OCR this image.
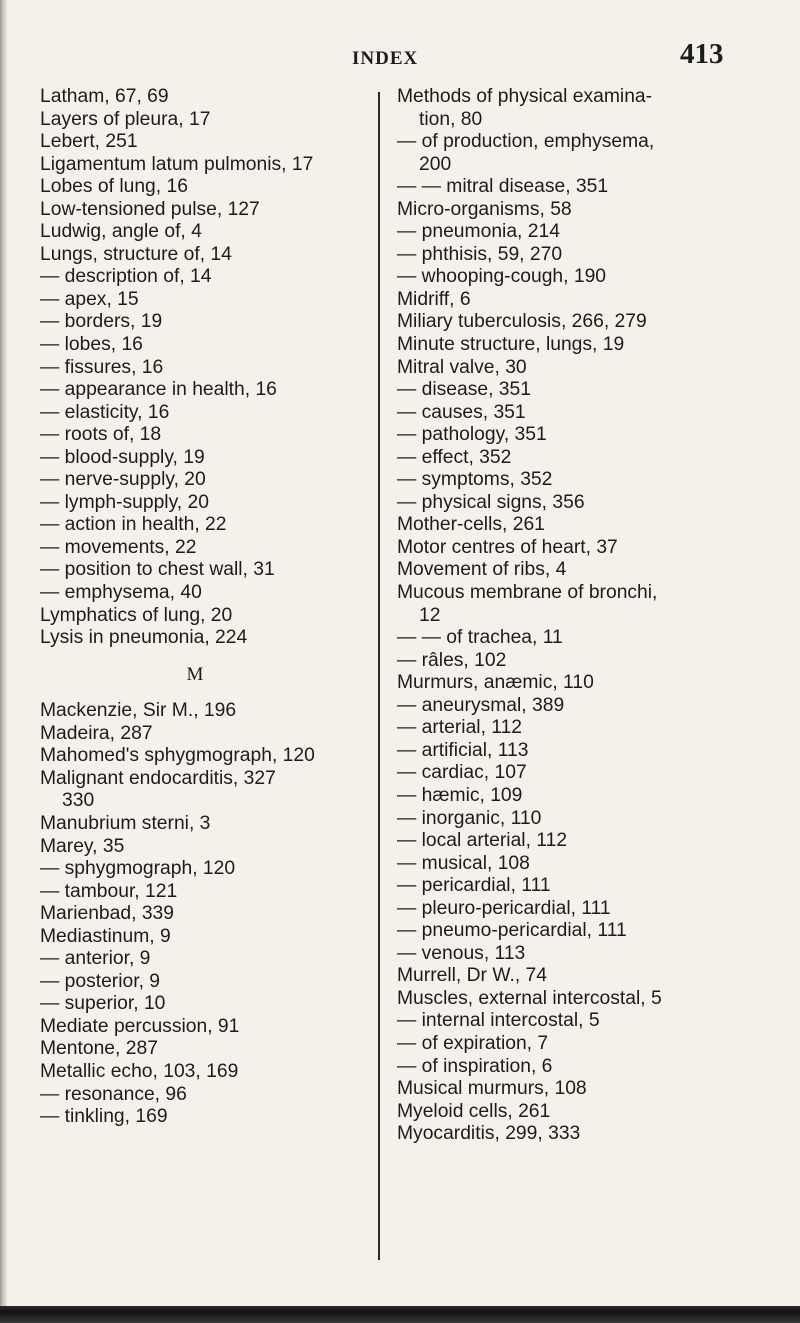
INDEX	413
Latham, 67, 69
Layers of pleura, 17
Lebert, 251
Ligamentum latum pulmonis, 17
Lobes of lung, 16
Low-tensioned pulse, 127
Ludwig, angle of, 4
Lungs, structure of, 14
— description of, 14
— apex, 15
— borders, 19
— lobes, 16
— fissures, 16
— appearance in health, 16
— elasticity, 16
— roots of, 18
— blood-supply, 19
— nerve-supply, 20
— lymph-supply, 20
— action in health, 22
— movements, 22
— position to chest wall, 31
— emphysema, 40
Lymphatics of lung, 20
Lysis in pneumonia, 224
M
Mackenzie, Sir M., 196
Madeira, 287
Mahomed's sphygmograph, 120
Malignant endocarditis, 327
330
Manubrium sterni, 3
Marey, 35
— sphygmograph, 120
— tambour, 121
Marienbad, 339
Mediastinum, 9
— anterior, 9
— posterior, 9
— superior, 10
Mediate percussion, 91
Mentone, 287
Metallic echo, 103, 169
— resonance, 96
— tinkling, 169
Methods of physical examina-
tion, 80
— of production, emphysema,
200
— — mitral disease, 351
Micro-organisms, 58
— pneumonia, 214
— phthisis, 59, 270
— whooping-cough, 190
Midriff, 6
Miliary tuberculosis, 266, 279
Minute structure, lungs, 19
Mitral valve, 30
— disease, 351
— causes, 351
— pathology, 351
— effect, 352
— symptoms, 352
— physical signs, 356
Mother-cells, 261
Motor centres of heart, 37
Movement of ribs, 4
Mucous membrane of bronchi,
12
— — of trachea, 11
— râles, 102
Murmurs, anæmic, 110
— aneurysmal, 389
— arterial, 112
— artificial, 113
— cardiac, 107
— hæmic, 109
— inorganic, 110
— local arterial, 112
— musical, 108
— pericardial, 111
— pleuro-pericardial, 111
— pneumo-pericardial, 111
— venous, 113
Murrell, Dr W., 74
Muscles, external intercostal, 5
— internal intercostal, 5
— of expiration, 7
— of inspiration, 6
Musical murmurs, 108
Myeloid cells, 261
Myocarditis, 299, 333
